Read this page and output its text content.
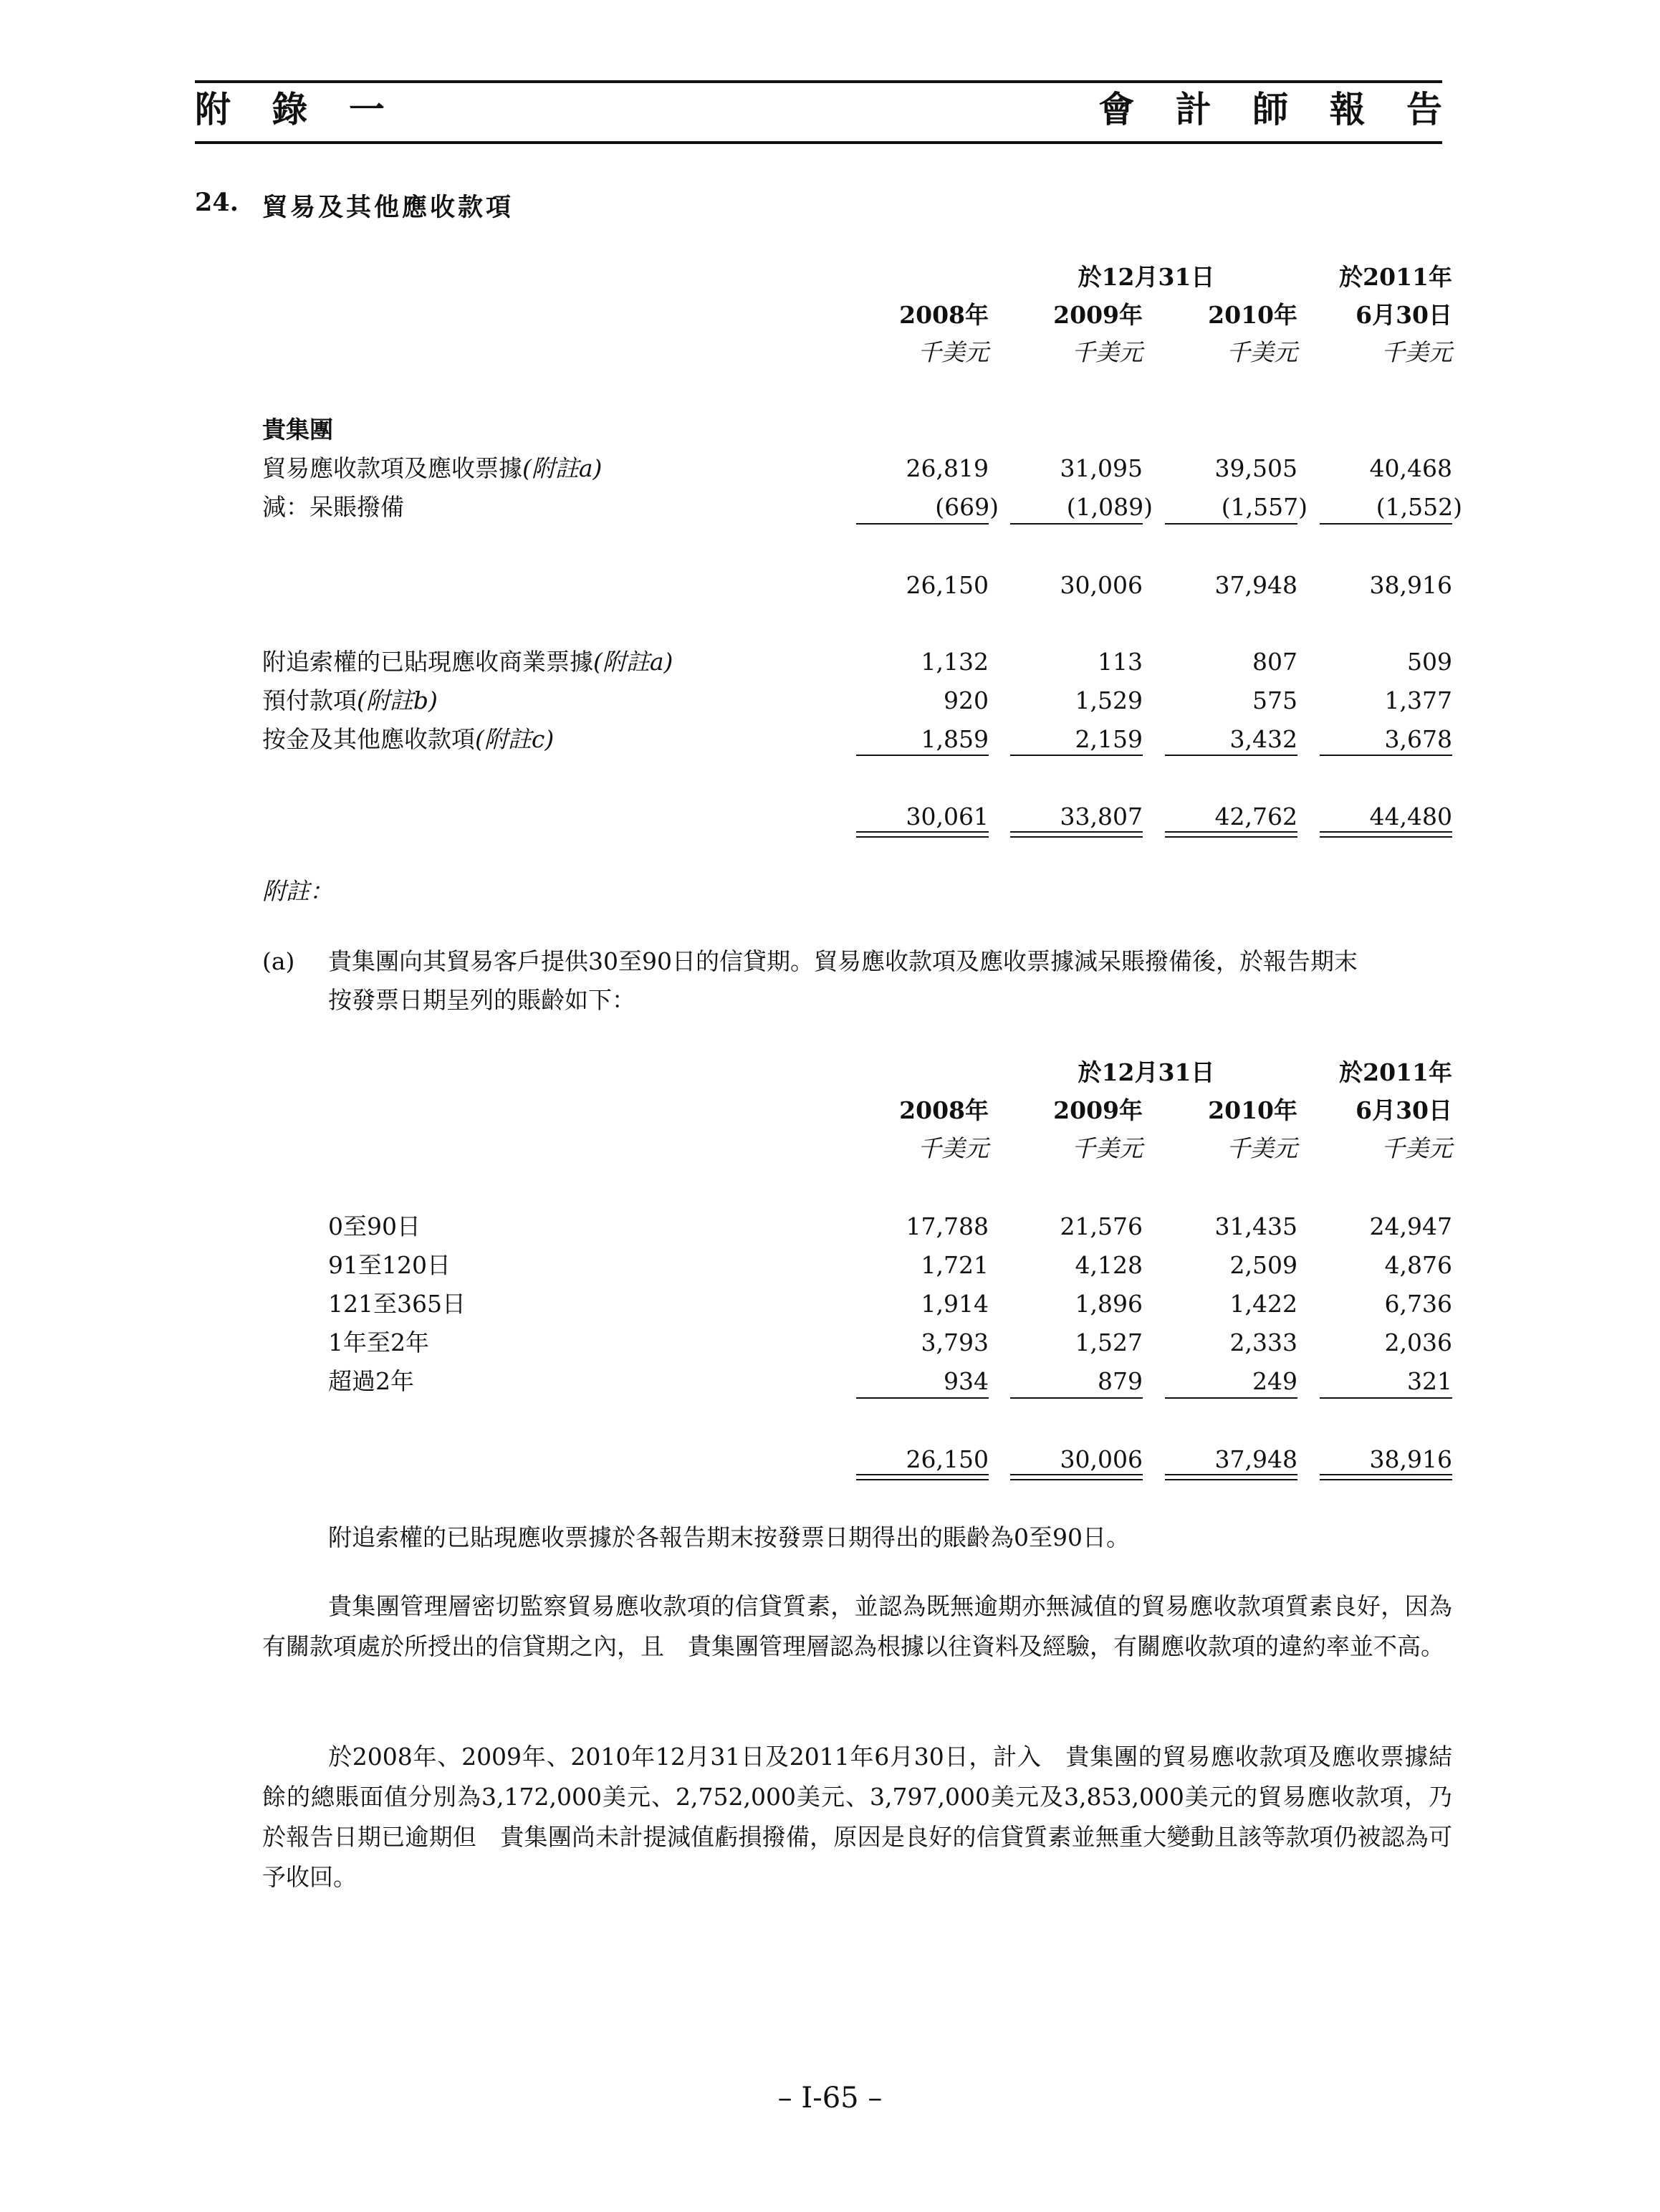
附 錄 一	會 計 師 報 告
24. 貿易及其他應收款項
於12月31日	於2011年
2008年	2009年	2010年	6月30日
千美元	千美元	千美元	千美元
貴集團
貿易應收款項及應收票據(附註a)	26,819	31,095	39,505	40,468
減：呆賬撥備	(669)	(1,089)	(1,557)	(1,552)
26,150	30,006	37,948	38,916
附追索權的已貼現應收商業票據(附註a)	1,132	113	807	509
預付款項(附註b)	920	1,529	575	1,377
按金及其他應收款項(附註c)	1,859	2,159	3,432	3,678
30,061	33,807	42,762	44,480
附註：
(a) 貴集團向其貿易客戶提供30至90日的信貸期。貿易應收款項及應收票據減呆賬撥備後，於報告期末
按發票日期呈列的賬齡如下：
於12月31日	於2011年
2008年	2009年	2010年	6月30日
千美元	千美元	千美元	千美元
0至90日	17,788	21,576	31,435	24,947
91至120日	1,721	4,128	2,509	4,876
121至365日	1,914	1,896	1,422	6,736
1年至2年	3,793	1,527	2,333	2,036
超過2年	934	879	249	321
26,150	30,006	37,948	38,916
附追索權的已貼現應收票據於各報告期末按發票日期得出的賬齡為0至90日。
貴集團管理層密切監察貿易應收款項的信貸質素，並認為既無逾期亦無減值的貿易應收款項質素良好，因為有關款項處於所授出的信貸期之內，且　貴集團管理層認為根據以往資料及經驗，有關應收款項的違約率並不高。
於2008年、2009年、2010年12月31日及2011年6月30日，計入　貴集團的貿易應收款項及應收票據結餘的總賬面值分別為3,172,000美元、2,752,000美元、3,797,000美元及3,853,000美元的貿易應收款項，乃於報告日期已逾期但　貴集團尚未計提減值虧損撥備，原因是良好的信貸質素並無重大變動且該等款項仍被認為可予收回。
– I-65 –
